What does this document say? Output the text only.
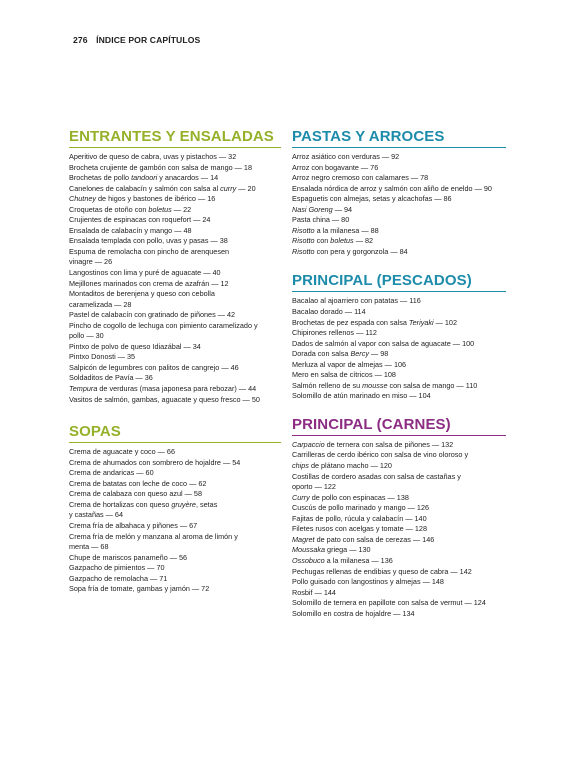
276 ÍNDICE POR CAPÍTULOS
ENTRANTES Y ENSALADAS
Aperitivo de queso de cabra, uvas y pistachos — 32
Brocheta crujiente de gambón con salsa de mango — 18
Brochetas de pollo tandoori y anacardos — 14
Canelones de calabacín y salmón con salsa al curry — 20
Chutney de higos y bastones de ibérico — 16
Croquetas de otoño con boletus — 22
Crujientes de espinacas con roquefort — 24
Ensalada de calabacín y mango — 48
Ensalada templada con pollo, uvas y pasas — 38
Espuma de remolacha con pincho de arenquesen
vinagre — 26
Langostinos con lima y puré de aguacate — 40
Mejillones marinados con crema de azafrán — 12
Montaditos de berenjena y queso con cebolla
caramelizada — 28
Pastel de calabacín con gratinado de piñones — 42
Pincho de cogollo de lechuga con pimiento caramelizado y
pollo — 30
Pintxo de polvo de queso Idiazábal — 34
Pintxo Donosti — 35
Salpicón de legumbres con palitos de cangrejo — 46
Soldaditos de Pavía — 36
Tempura de verduras (masa japonesa para rebozar) — 44
Vasitos de salmón, gambas, aguacate y queso fresco — 50
SOPAS
Crema de aguacate y coco — 66
Crema de ahumados con sombrero de hojaldre — 54
Crema de andaricas — 60
Crema de batatas con leche de coco — 62
Crema de calabaza con queso azul — 58
Crema de hortalizas con queso gruyère, setas
y castañas — 64
Crema fría de albahaca y piñones — 67
Crema fría de melón y manzana al aroma de limón y
menta — 68
Chupe de mariscos panameño — 56
Gazpacho de pimientos — 70
Gazpacho de remolacha — 71
Sopa fría de tomate, gambas y jamón — 72
PASTAS Y ARROCES
Arroz asiático con verduras — 92
Arroz con bogavante — 76
Arroz negro cremoso con calamares — 78
Ensalada nórdica de arroz y salmón con aliño de eneldo — 90
Espaguetis con almejas, setas y alcachofas — 86
Nasi Goreng — 94
Pasta china — 80
Risotto a la milanesa — 88
Risotto con boletus — 82
Risotto con pera y gorgonzola — 84
PRINCIPAL (PESCADOS)
Bacalao al ajoarriero con patatas — 116
Bacalao dorado — 114
Brochetas de pez espada con salsa Teriyaki — 102
Chipirones rellenos — 112
Dados de salmón al vapor con salsa de aguacate — 100
Dorada con salsa Bercy — 98
Merluza al vapor de almejas — 106
Mero en salsa de cítricos — 108
Salmón relleno de su mousse con salsa de mango — 110
Solomillo de atún marinado en miso — 104
PRINCIPAL (CARNES)
Carpaccio de ternera con salsa de piñones — 132
Carrilleras de cerdo ibérico con salsa de vino oloroso y
chips de plátano macho — 120
Costillas de cordero asadas con salsa de castañas y
oporto — 122
Curry de pollo con espinacas — 138
Cuscús de pollo marinado y mango — 126
Fajitas de pollo, rúcula y calabacín — 140
Filetes rusos con acelgas y tomate — 128
Magret de pato con salsa de cerezas — 146
Moussaka griega — 130
Ossobuco a la milanesa — 136
Pechugas rellenas de endibias y queso de cabra — 142
Pollo guisado con langostinos y almejas — 148
Rosbif — 144
Solomillo de ternera en papillote con salsa de vermut — 124
Solomillo en costra de hojaldre — 134
